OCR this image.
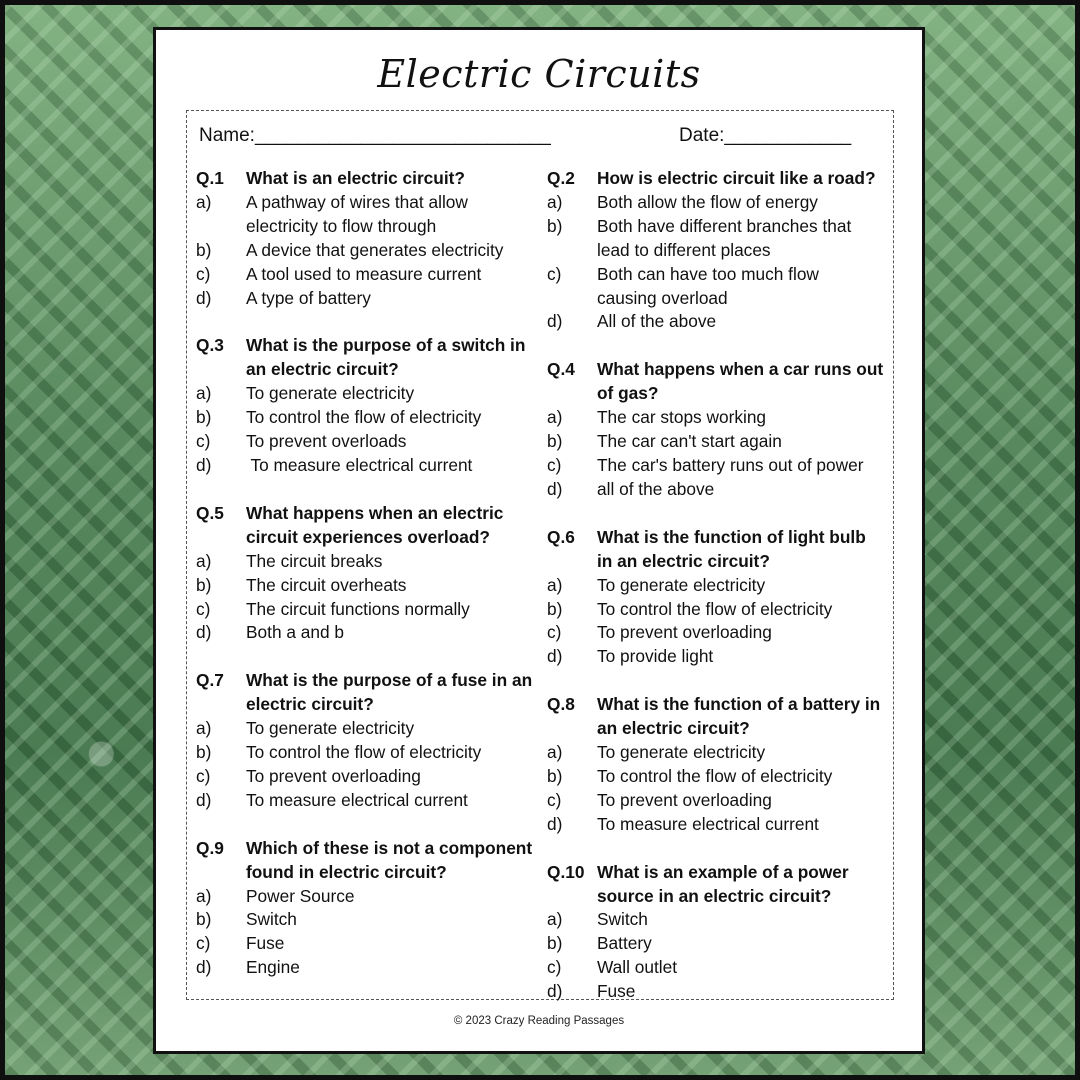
Electric Circuits
Name:____________________________	Date:____________
Q.1	What is an electric circuit?
a)	A pathway of wires that allow
electricity to flow through
b)	A device that generates electricity
c)	A tool used to measure current
d)	A type of battery
Q.3	What is the purpose of a switch in
an electric circuit?
a)	To generate electricity
b)	To control the flow of electricity
c)	To prevent overloads
d)	To measure electrical current
Q.5	What happens when an electric
circuit experiences overload?
a)	The circuit breaks
b)	The circuit overheats
c)	The circuit functions normally
d)	Both a and b
Q.7	What is the purpose of a fuse in an
electric circuit?
a)	To generate electricity
b)	To control the flow of electricity
c)	To prevent overloading
d)	To measure electrical current
Q.9	Which of these is not a component
found in electric circuit?
a)	Power Source
b)	Switch
c)	Fuse
d)	Engine
Q.2	How is electric circuit like a road?
a)	Both allow the flow of energy
b)	Both have different branches that
lead to different places
c)	Both can have too much flow
causing overload
d)	All of the above
Q.4	What happens when a car runs out
of gas?
a)	The car stops working
b)	The car can't start again
c)	The car's battery runs out of power
d)	all of the above
Q.6	What is the function of light bulb
in an electric circuit?
a)	To generate electricity
b)	To control the flow of electricity
c)	To prevent overloading
d)	To provide light
Q.8	What is the function of a battery in
an electric circuit?
a)	To generate electricity
b)	To control the flow of electricity
c)	To prevent overloading
d)	To measure electrical current
Q.10 What is an example of a power
source in an electric circuit?
a)	Switch
b)	Battery
c)	Wall outlet
d)	Fuse
© 2023 Crazy Reading Passages
